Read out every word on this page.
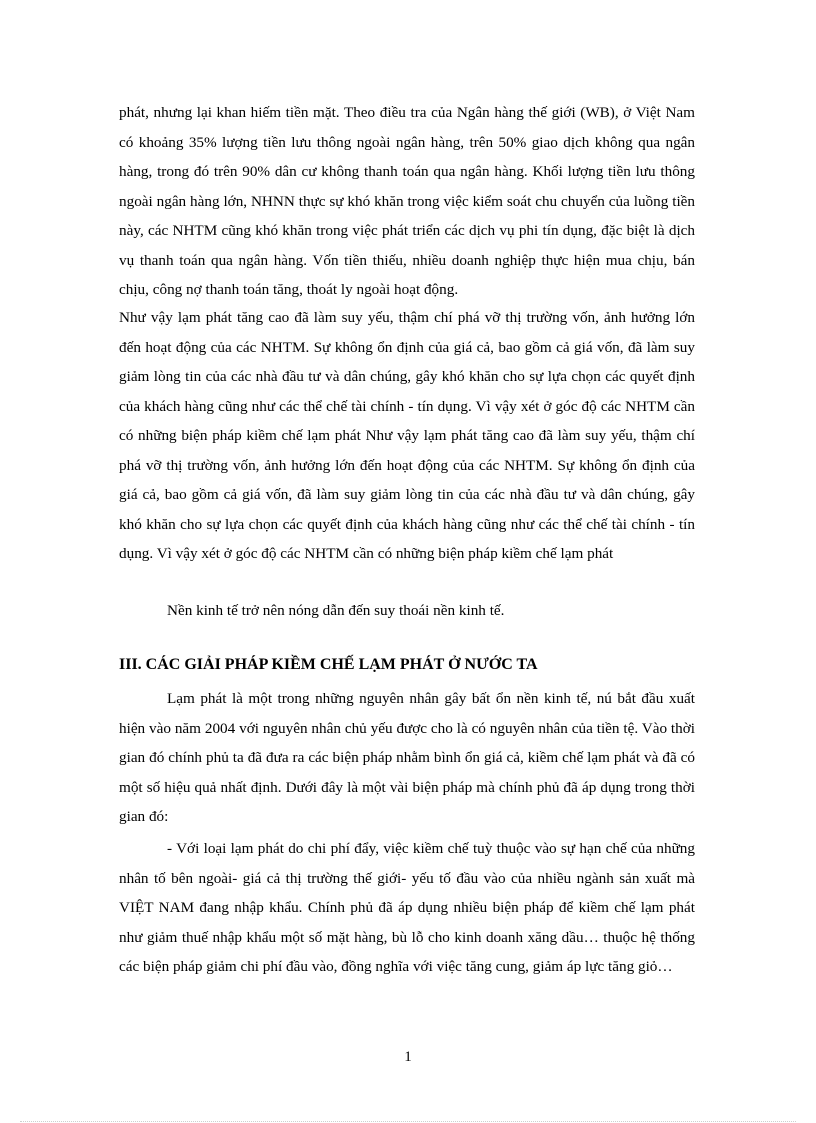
phát, nhưng lại khan hiếm tiền mặt. Theo điều tra của Ngân hàng thế giới (WB), ở Việt Nam có khoảng 35% lượng tiền lưu thông ngoài ngân hàng, trên 50% giao dịch không qua ngân hàng, trong đó trên 90% dân cư không thanh toán qua ngân hàng. Khối lượng tiền lưu thông ngoài ngân hàng lớn, NHNN thực sự khó khăn trong việc kiểm soát chu chuyển của luồng tiền này, các NHTM cũng khó khăn trong việc phát triển các dịch vụ phi tín dụng, đặc biệt là dịch vụ thanh toán qua ngân hàng. Vốn tiền thiếu, nhiều doanh nghiệp thực hiện mua chịu, bán chịu, công nợ thanh toán tăng, thoát ly ngoài hoạt động.

Như vậy lạm phát tăng cao đã làm suy yếu, thậm chí phá vỡ thị trường vốn, ảnh hưởng lớn đến hoạt động của các NHTM. Sự không ổn định của giá cả, bao gồm cả giá vốn, đã làm suy giảm lòng tin của các nhà đầu tư và dân chúng, gây khó khăn cho sự lựa chọn các quyết định của khách hàng cũng như các thể chế tài chính - tín dụng. Vì vậy xét ở góc độ các NHTM cần có những biện pháp kiềm chế lạm phát Như vậy lạm phát tăng cao đã làm suy yếu, thậm chí phá vỡ thị trường vốn, ảnh hưởng lớn đến hoạt động của các NHTM. Sự không ổn định của giá cả, bao gồm cả giá vốn, đã làm suy giảm lòng tin của các nhà đầu tư và dân chúng, gây khó khăn cho sự lựa chọn các quyết định của khách hàng cũng như các thể chế tài chính - tín dụng. Vì vậy xét ở góc độ các NHTM cần có những biện pháp kiềm chế lạm phát

Nền kinh tế trở nên nóng dẫn đến suy thoái nền kinh tế.

III. CÁC GIẢI PHÁP KIỀM CHẾ LẠM PHÁT Ở NƯỚC TA

Lạm phát là một trong những nguyên nhân gây bất ổn nền kinh tế, nú bắt đầu xuất hiện vào năm 2004 với nguyên nhân chủ yếu được cho là có nguyên nhân của tiền tệ. Vào thời gian đó chính phủ ta đã đưa ra các biện pháp nhằm bình ổn giá cả, kiềm chế lạm phát và đã có một số hiệu quả nhất định. Dưới đây là một vài biện pháp mà chính phủ đã áp dụng trong thời gian đó:

- Với loại lạm phát do chi phí đẩy, việc kiềm chế tuỳ thuộc vào sự hạn chế của những nhân tố bên ngoài- giá cả thị trường thế giới- yếu tố đầu vào của nhiều ngành sản xuất mà VIỆT NAM đang nhập khẩu. Chính phủ đã áp dụng nhiều biện pháp để kiềm chế lạm phát như giảm thuế nhập khẩu một số mặt hàng, bù lỗ cho kinh doanh xăng dầu… thuộc hệ thống các biện pháp giảm chi phí đầu vào, đồng nghĩa với việc tăng cung, giảm áp lực tăng giỏ…

1
